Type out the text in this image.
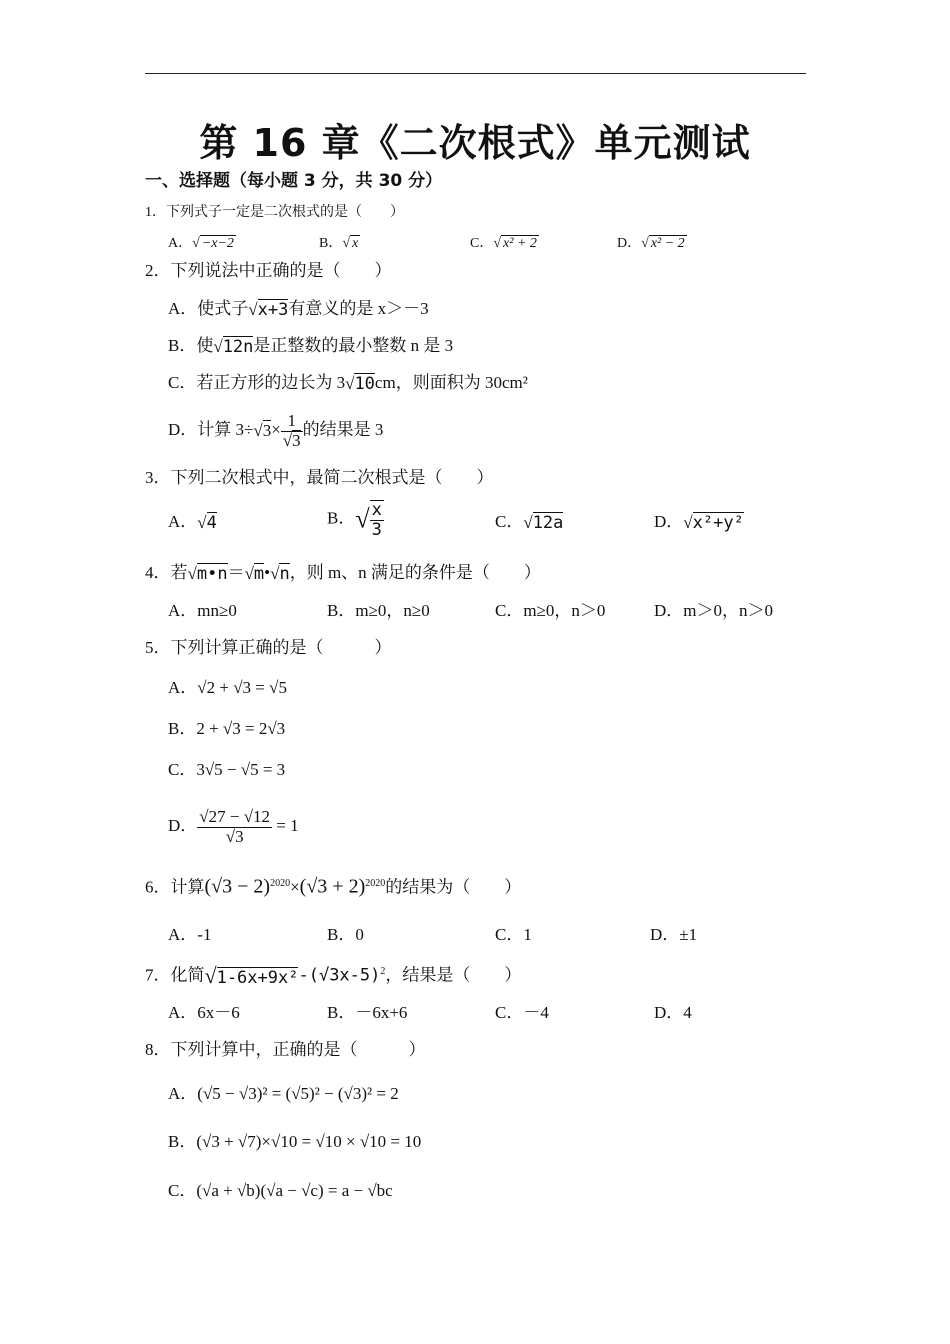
第 16 章《二次根式》单元测试
一、选择题（每小题 3 分，共 30 分）
1．下列式子一定是二次根式的是（　　）
A．√ −x−2	B．√ x	C．√ x² + 2	D．√ x² − 2
2．下列说法中正确的是（　　）
A．使式子√x+3有意义的是 x＞－3
B．使√12n是正整数的最小整数 n 是 3
C．若正方形的边长为 3√10cm，则面积为 30cm²
D．计算 $3\div√3\times \frac{1}{√3}$ 的结果是 3
3．下列二次根式中，最简二次根式是（　　）
A．√4	B．√ $\frac{x}{3}$	C．√12a	D．√x²+y²
4．若√m•n＝√m•√n，则 m、n 满足的条件是（　　）
A．mn≥0	B．m≥0，n≥0	C．m≥0，n＞0	D．m＞0，n＞0
5．下列计算正确的是（　　　）
A．√2 + √3 = √5
B．2 + √3 = 2√3
C．3√5 − √5 = 3
D． $\frac{√27 - √12}{√3} = 1$
6．计算$(√3 - 2)^{2020}\times(√3 + 2)^{2020}$的结果为（　　）
A．-1	B．0	C．1	D．±1
7．化简$√1-6x+9x^2-(√3x-5)^2$，结果是（　　）
A．6x－6	B．－6x+6	C．－4	D．4
8．下列计算中，正确的是（　　　）
A．(√5 − √3)² = (√5)² − (√3)² = 2
B．(√3 + √7)×√10 = √10 × √10 = 10
C．(√a + √b)(√a − √c) = a − √bc
